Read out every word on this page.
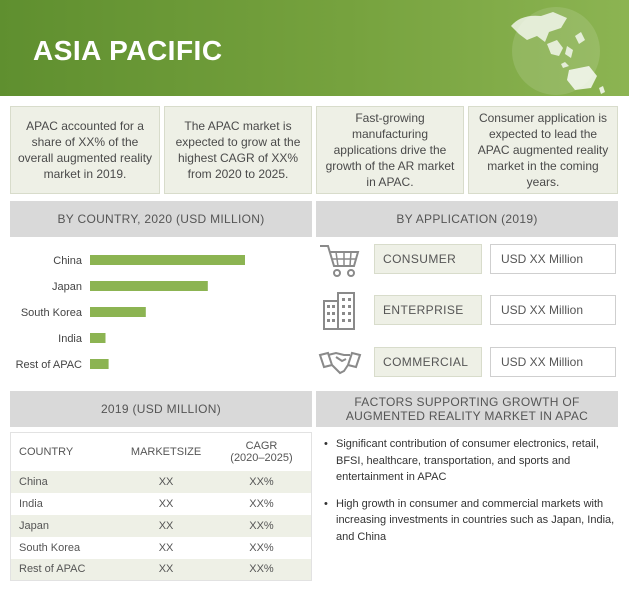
ASIA PACIFIC
APAC accounted for a share of XX% of the overall augmented reality market in 2019.
The APAC market is expected to grow at the highest CAGR of XX% from 2020 to 2025.
Fast-growing manufacturing applications drive the growth of the AR market in APAC.
Consumer application is expected to lead the APAC augmented reality market in the coming years.
BY COUNTRY, 2020 (USD MILLION)	BY APPLICATION (2019)
China
Japan
South Korea
India
Rest of APAC
CONSUMER	USD XX Million
ENTERPRISE	USD XX Million
COMMERCIAL	USD XX Million
2019 (USD MILLION)	FACTORS SUPPORTING GROWTH OF
AUGMENTED REALITY MARKET IN APAC
COUNTRY	MARKETSIZE	CAGR
(2020–2025)
China	XX	XX%
India	XX	XX%
Japan	XX	XX%
South Korea	XX	XX%
Rest of APAC	XX	XX%
• Significant contribution of consumer electronics, retail, BFSI, healthcare, transportation, and sports and entertainment in APAC
• High growth in consumer and commercial markets with increasing investments in countries such as Japan, India, and China
